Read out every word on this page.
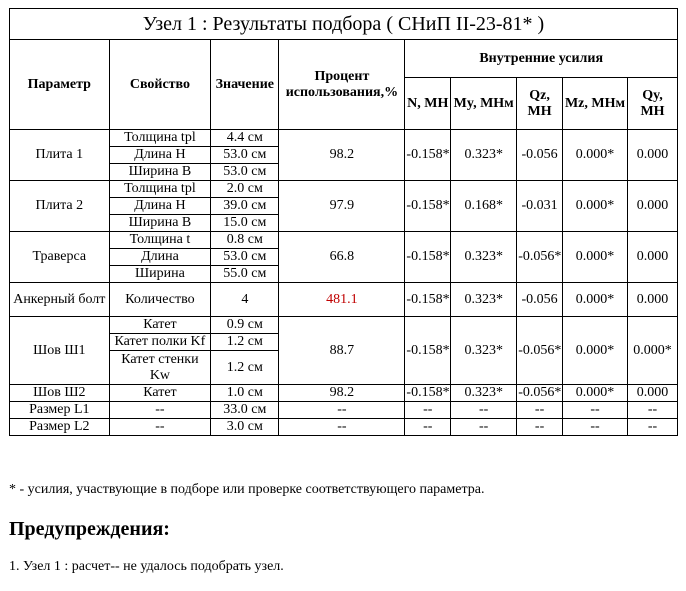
Узел 1 : Результаты подбора ( СНиП II-23-81* )								
Параметр	Свойство	Значение	Процент использования,%	Внутренние усилия				
				N, МН	My, МНм	Qz, МН	Mz, МНм	Qy, МН
Плита 1	Толщина tpl	4.4 см	98.2	-0.158*	0.323*	-0.056	0.000*	0.000
	Длина H	53.0 см						
	Ширина B	53.0 см						
Плита 2	Толщина tpl	2.0 см	97.9	-0.158*	0.168*	-0.031	0.000*	0.000
	Длина H	39.0 см						
	Ширина B	15.0 см						
Траверса	Толщина t	0.8 см	66.8	-0.158*	0.323*	-0.056*	0.000*	0.000
	Длина	53.0 см						
	Ширина	55.0 см						
Анкерный болт	Количество	4	481.1	-0.158*	0.323*	-0.056	0.000*	0.000
Шов Ш1	Катет	0.9 см	88.7	-0.158*	0.323*	-0.056*	0.000*	0.000*
	Катет полки Kf	1.2 см						
	Катет стенки Kw	1.2 см						
Шов Ш2	Катет	1.0 см	98.2	-0.158*	0.323*	-0.056*	0.000*	0.000
Размер L1	--	33.0 см	--	--	--	--	--	--
Размер L2	--	3.0 см	--	--	--	--	--	--
* - усилия, участвующие в подборе или проверке соответствующего параметра.
Предупреждения:
1. Узел 1 : расчет-- не удалось подобрать узел.
